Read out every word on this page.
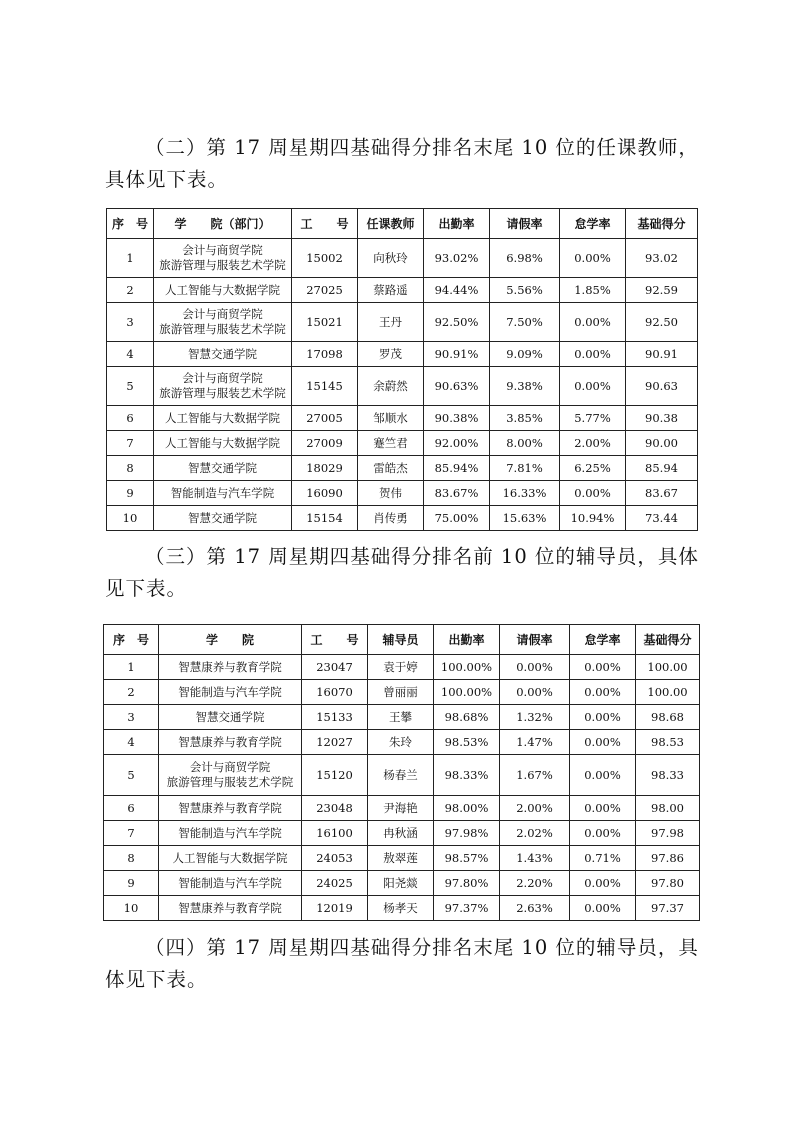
（二）第 17 周星期四基础得分排名末尾 10 位的任课教师，具体见下表。

序　号	学　　院（部门）	工　　号	任课教师	出勤率	请假率	怠学率	基础得分
1	会计与商贸学院
旅游管理与服装艺术学院	15002	向秋玲	93.02%	6.98%	0.00%	93.02
2	人工智能与大数据学院	27025	蔡路遥	94.44%	5.56%	1.85%	92.59
3	会计与商贸学院
旅游管理与服装艺术学院	15021	王丹	92.50%	7.50%	0.00%	92.50
4	智慧交通学院	17098	罗茂	90.91%	9.09%	0.00%	90.91
5	会计与商贸学院
旅游管理与服装艺术学院	15145	余蔚然	90.63%	9.38%	0.00%	90.63
6	人工智能与大数据学院	27005	邹顺水	90.38%	3.85%	5.77%	90.38
7	人工智能与大数据学院	27009	蹇竺君	92.00%	8.00%	2.00%	90.00
8	智慧交通学院	18029	雷皓杰	85.94%	7.81%	6.25%	85.94
9	智能制造与汽车学院	16090	贺伟	83.67%	16.33%	0.00%	83.67
10	智慧交通学院	15154	肖传勇	75.00%	15.63%	10.94%	73.44

（三）第 17 周星期四基础得分排名前 10 位的辅导员，具体见下表。

序　号	学　　院	工　　号	辅导员	出勤率	请假率	怠学率	基础得分
1	智慧康养与教育学院	23047	袁于婷	100.00%	0.00%	0.00%	100.00
2	智能制造与汽车学院	16070	曾丽丽	100.00%	0.00%	0.00%	100.00
3	智慧交通学院	15133	王攀	98.68%	1.32%	0.00%	98.68
4	智慧康养与教育学院	12027	朱玲	98.53%	1.47%	0.00%	98.53
5	会计与商贸学院
旅游管理与服装艺术学院	15120	杨春兰	98.33%	1.67%	0.00%	98.33
6	智慧康养与教育学院	23048	尹海艳	98.00%	2.00%	0.00%	98.00
7	智能制造与汽车学院	16100	冉秋涵	97.98%	2.02%	0.00%	97.98
8	人工智能与大数据学院	24053	敖翠莲	98.57%	1.43%	0.71%	97.86
9	智能制造与汽车学院	24025	阳尧燚	97.80%	2.20%	0.00%	97.80
10	智慧康养与教育学院	12019	杨孝天	97.37%	2.63%	0.00%	97.37

（四）第 17 周星期四基础得分排名末尾 10 位的辅导员，具体见下表。
